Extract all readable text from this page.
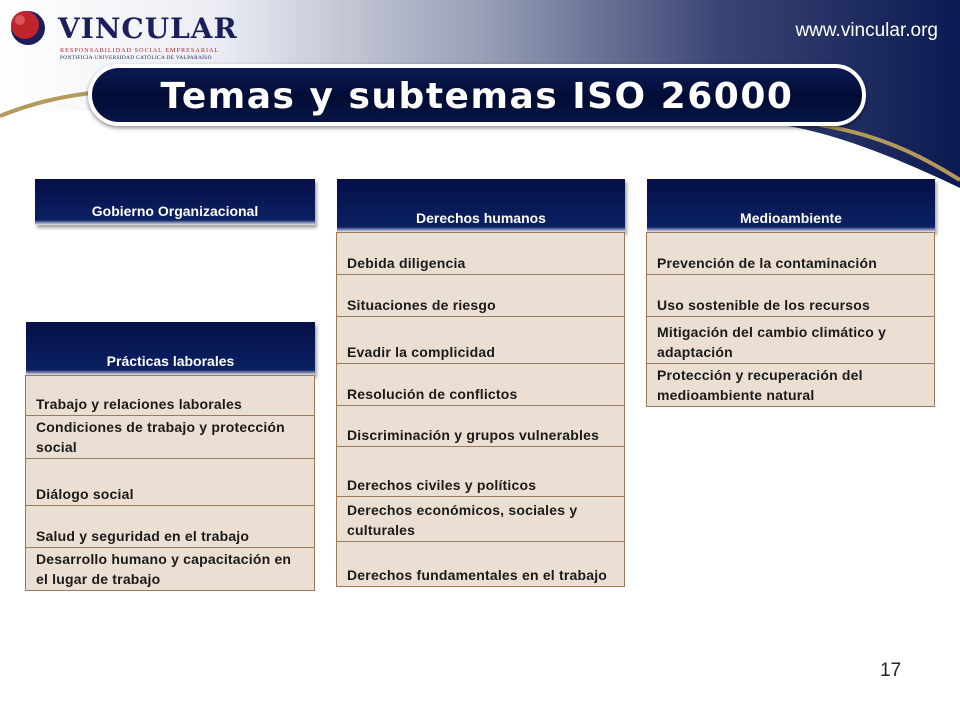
VINCULAR
RESPONSABILIDAD SOCIAL EMPRESARIAL
PONTIFICIA UNIVERSIDAD CATÓLICA DE VALPARAÍSO
www.vincular.org
Temas y subtemas ISO 26000
Gobierno Organizacional	Derechos humanos
Debida diligencia
Situaciones de riesgo
Evadir la complicidad
Resolución de conflictos
Discriminación y grupos vulnerables
Derechos civiles y políticos
Derechos económicos, sociales y culturales
Derechos fundamentales en el trabajo
Medioambiente
Prevención de la contaminación
Uso sostenible de los recursos
Mitigación del cambio climático y adaptación
Protección y recuperación del medioambiente natural
Prácticas laborales
Trabajo y relaciones laborales
Condiciones de trabajo y protección social
Diálogo social
Salud y seguridad en el trabajo
Desarrollo humano y capacitación en el lugar de trabajo
17
